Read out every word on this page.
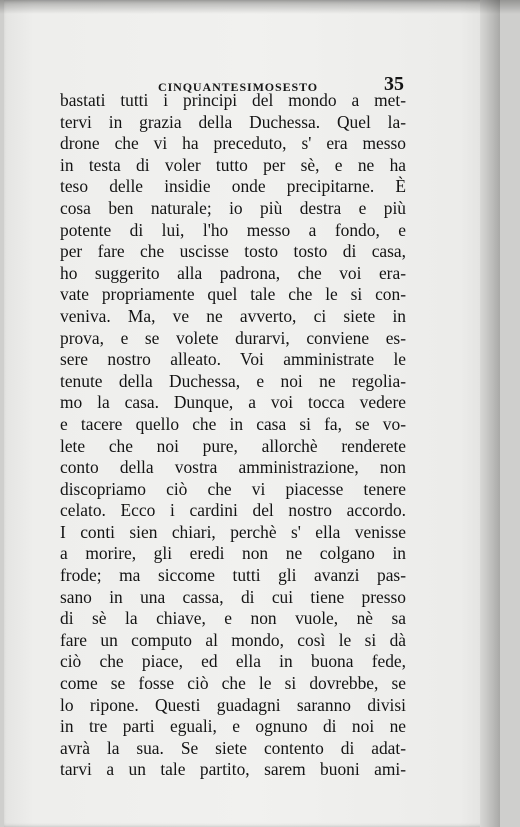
CINQUANTESIMOSESTO	35
bastati tutti i principi del mondo a met-
tervi in grazia della Duchessa. Quel la-
drone che vi ha preceduto, s' era messo
in testa di voler tutto per sè, e ne ha
teso delle insidie onde precipitarne. È
cosa ben naturale; io più destra e più
potente di lui, l'ho messo a fondo, e
per fare che uscisse tosto tosto di casa,
ho suggerito alla padrona, che voi era-
vate propriamente quel tale che le si con-
veniva. Ma, ve ne avverto, ci siete in
prova, e se volete durarvi, conviene es-
sere nostro alleato. Voi amministrate le
tenute della Duchessa, e noi ne regolia-
mo la casa. Dunque, a voi tocca vedere
e tacere quello che in casa si fa, se vo-
lete che noi pure, allorchè renderete
conto della vostra amministrazione, non
discopriamo ciò che vi piacesse tenere
celato. Ecco i cardini del nostro accordo.
I conti sien chiari, perchè s' ella venisse
a morire, gli eredi non ne colgano in
frode; ma siccome tutti gli avanzi pas-
sano in una cassa, di cui tiene presso
di sè la chiave, e non vuole, nè sa
fare un computo al mondo, così le si dà
ciò che piace, ed ella in buona fede,
come se fosse ciò che le si dovrebbe, se
lo ripone. Questi guadagni saranno divisi
in tre parti eguali, e ognuno di noi ne
avrà la sua. Se siete contento di adat-
tarvi a un tale partito, sarem buoni ami-
